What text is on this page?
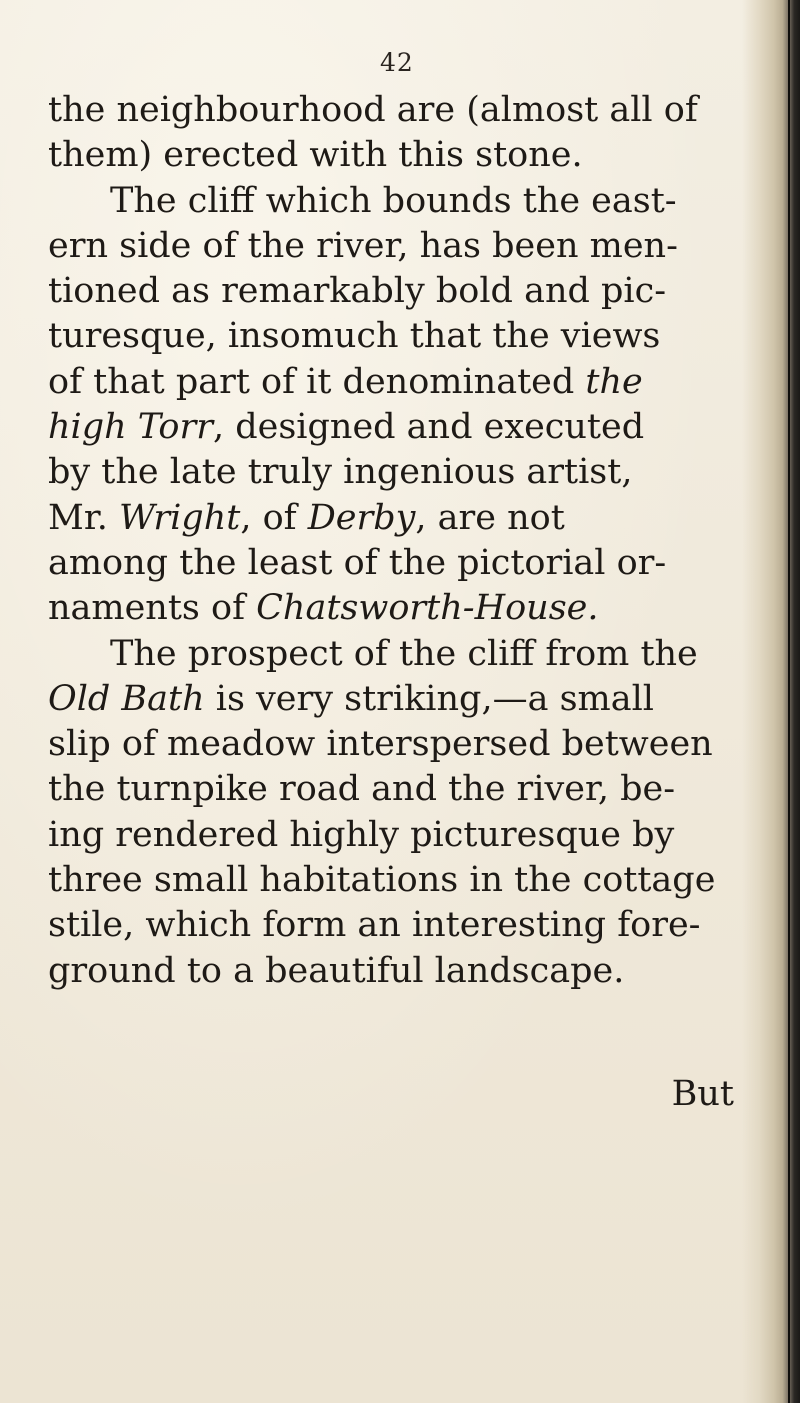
42
the neighbourhood are (almost all of
them) erected with this stone.
The cliff which bounds the east-
ern side of the river, has been men-
tioned as remarkably bold and pic-
turesque, insomuch that the views
of that part of it denominated the
high Torr, designed and executed
by the late truly ingenious artist,
Mr. Wright, of Derby, are not
among the least of the pictorial or-
naments of Chatsworth-House.
The prospect of the cliff from the
Old Bath is very striking,—a small
slip of meadow interspersed between
the turnpike road and the river, be-
ing rendered highly picturesque by
three small habitations in the cottage
stile, which form an interesting fore-
ground to a beautiful landscape.
But
